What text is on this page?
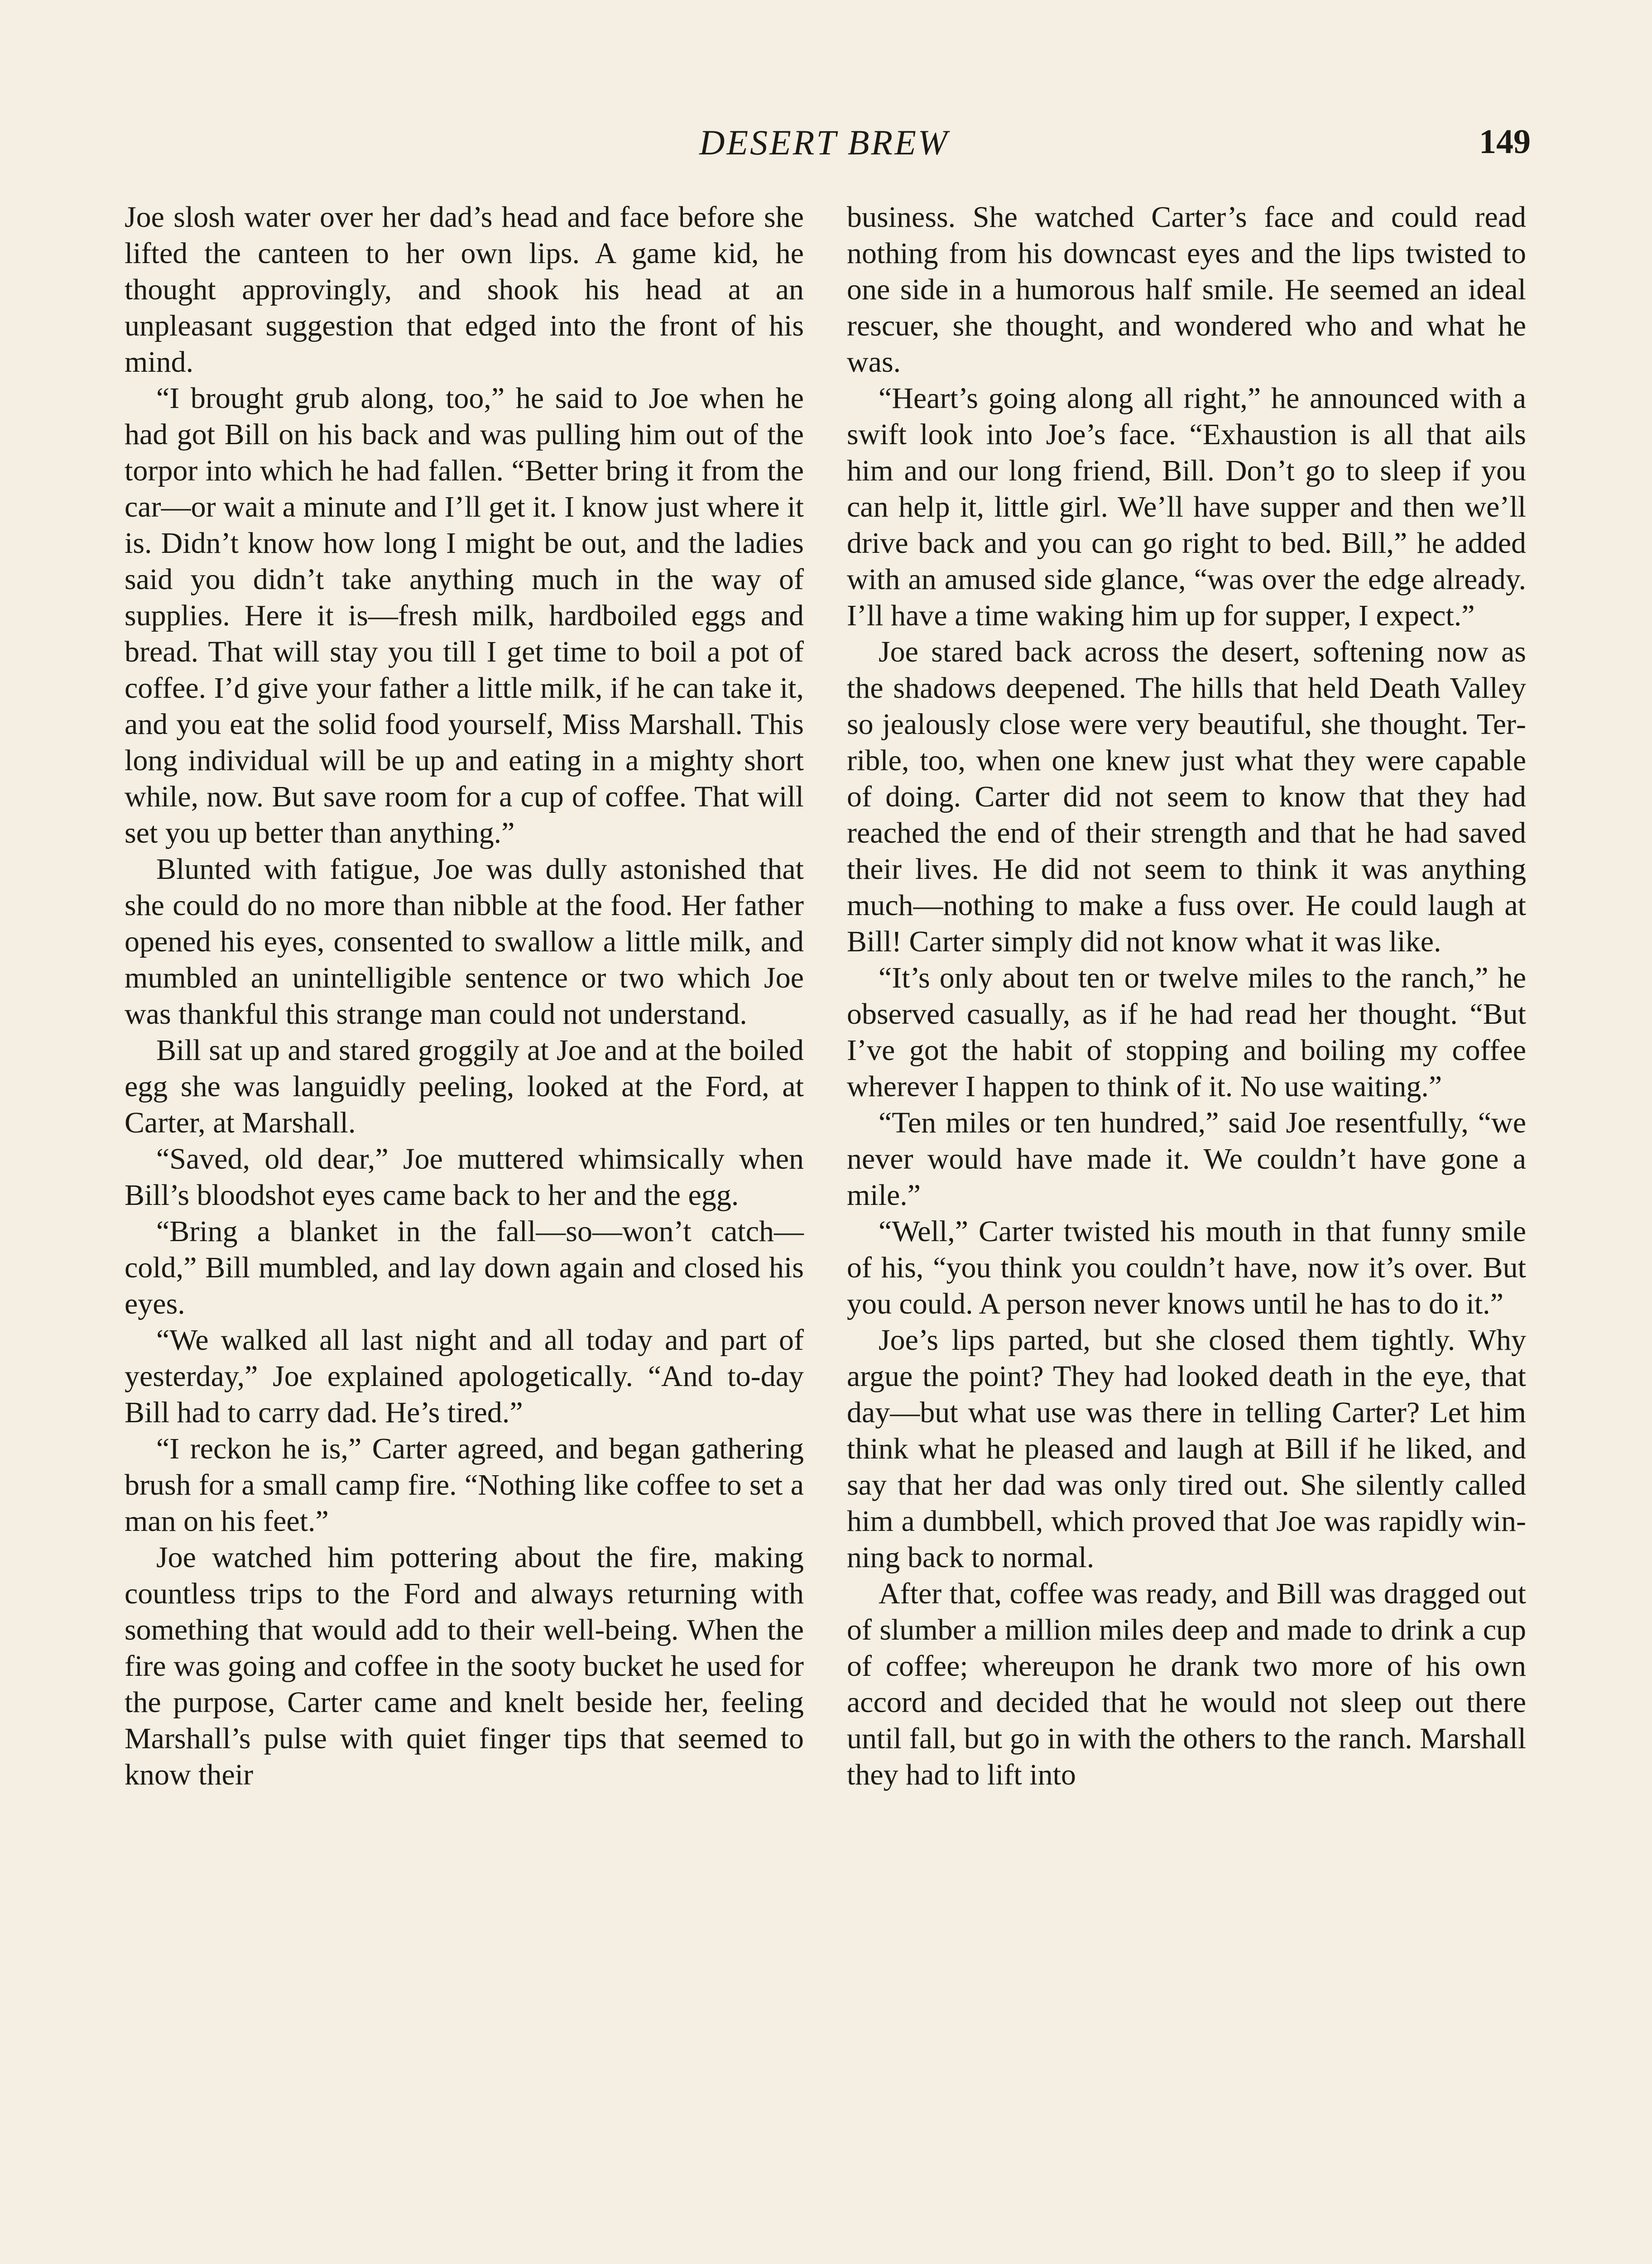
DESERT BREW	149

Joe slosh water over her dad’s head and face before she lifted the canteen to her own lips. A game kid, he thought approvingly, and shook his head at an unpleasant suggestion that edged into the front of his mind.

“I brought grub along, too,” he said to Joe when he had got Bill on his back and was pulling him out of the torpor into which he had fallen. “Better bring it from the car—or wait a minute and I’ll get it. I know just where it is. Didn’t know how long I might be out, and the ladies said you didn’t take anything much in the way of supplies. Here it is—fresh milk, hardboiled eggs and bread. That will stay you till I get time to boil a pot of coffee. I’d give your father a little milk, if he can take it, and you eat the solid food yourself, Miss Marshall. This long individual will be up and eating in a mighty short while, now. But save room for a cup of coffee. That will set you up better than anything.”

Blunted with fatigue, Joe was dully astonished that she could do no more than nibble at the food. Her father opened his eyes, consented to swallow a little milk, and mumbled an unintelligible sentence or two which Joe was thankful this strange man could not understand.

Bill sat up and stared groggily at Joe and at the boiled egg she was languidly peeling, looked at the Ford, at Carter, at Marshall.

“Saved, old dear,” Joe muttered whimsically when Bill’s bloodshot eyes came back to her and the egg.

“Bring a blanket in the fall—so—won’t catch—cold,” Bill mumbled, and lay down again and closed his eyes.

“We walked all last night and all today and part of yesterday,” Joe explained apologetically. “And to-day Bill had to carry dad. He’s tired.”

“I reckon he is,” Carter agreed, and began gathering brush for a small camp fire. “Nothing like coffee to set a man on his feet.”

Joe watched him pottering about the fire, making countless trips to the Ford and always returning with something that would add to their well-being. When the fire was going and coffee in the sooty bucket he used for the purpose, Carter came and knelt beside her, feeling Marshall’s pulse with quiet finger tips that seemed to know their

business. She watched Carter’s face and could read nothing from his downcast eyes and the lips twisted to one side in a humorous half smile. He seemed an ideal rescuer, she thought, and wondered who and what he was.

“Heart’s going along all right,” he announced with a swift look into Joe’s face. “Exhaustion is all that ails him and our long friend, Bill. Don’t go to sleep if you can help it, little girl. We’ll have supper and then we’ll drive back and you can go right to bed. Bill,” he added with an amused side glance, “was over the edge already. I’ll have a time waking him up for supper, I expect.”

Joe stared back across the desert, softening now as the shadows deepened. The hills that held Death Valley so jealously close were very beautiful, she thought. Terrible, too, when one knew just what they were capable of doing. Carter did not seem to know that they had reached the end of their strength and that he had saved their lives. He did not seem to think it was anything much—nothing to make a fuss over. He could laugh at Bill! Carter simply did not know what it was like.

“It’s only about ten or twelve miles to the ranch,” he observed casually, as if he had read her thought. “But I’ve got the habit of stopping and boiling my coffee wherever I happen to think of it. No use waiting.”

“Ten miles or ten hundred,” said Joe resentfully, “we never would have made it. We couldn’t have gone a mile.”

“Well,” Carter twisted his mouth in that funny smile of his, “you think you couldn’t have, now it’s over. But you could. A person never knows until he has to do it.”

Joe’s lips parted, but she closed them tightly. Why argue the point? They had looked death in the eye, that day—but what use was there in telling Carter? Let him think what he pleased and laugh at Bill if he liked, and say that her dad was only tired out. She silently called him a dumbbell, which proved that Joe was rapidly winning back to normal.

After that, coffee was ready, and Bill was dragged out of slumber a million miles deep and made to drink a cup of coffee; whereupon he drank two more of his own accord and decided that he would not sleep out there until fall, but go in with the others to the ranch. Marshall they had to lift into
